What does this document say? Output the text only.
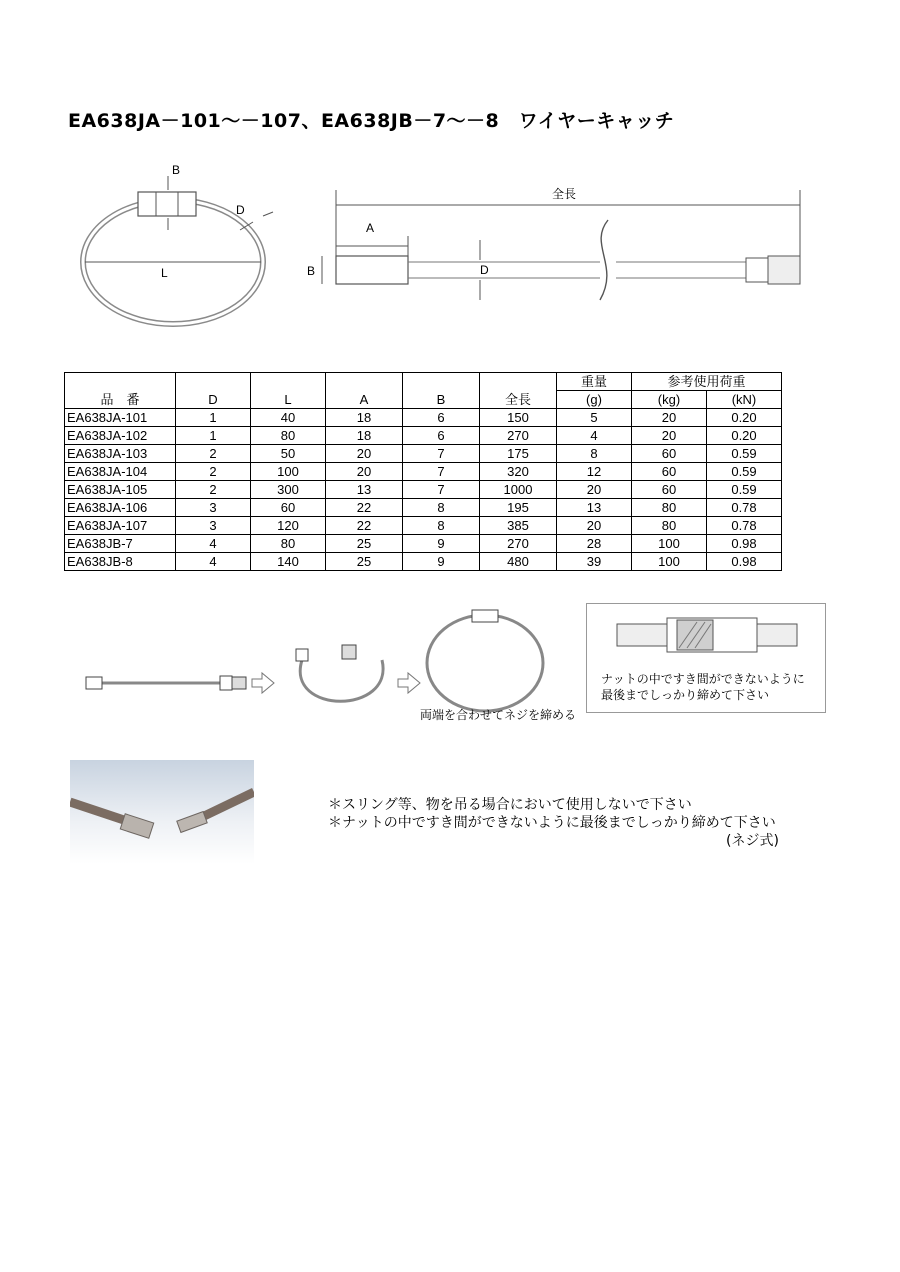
EA638JA－101～－107、EA638JB－7～－8　ワイヤーキャッチ
B
D
L
全長
A
B	D
品　番	D	L	A	B	全長	重量	参考使用荷重	
						(g)	(kg)	(kN)
EA638JA-101	1	40	18	6	150	5	20	0.20
EA638JA-102	1	80	18	6	270	4	20	0.20
EA638JA-103	2	50	20	7	175	8	60	0.59
EA638JA-104	2	100	20	7	320	12	60	0.59
EA638JA-105	2	300	13	7	1000	20	60	0.59
EA638JA-106	3	60	22	8	195	13	80	0.78
EA638JA-107	3	120	22	8	385	20	80	0.78
EA638JB-7	4	80	25	9	270	28	100	0.98
EA638JB-8	4	140	25	9	480	39	100	0.98
両端を合わせてネジを締める
ナットの中ですき間ができないように
最後までしっかり締めて下さい
＊スリング等、物を吊る場合において使用しないで下さい
＊ナットの中ですき間ができないように最後までしっかり締めて下さい
(ネジ式)
